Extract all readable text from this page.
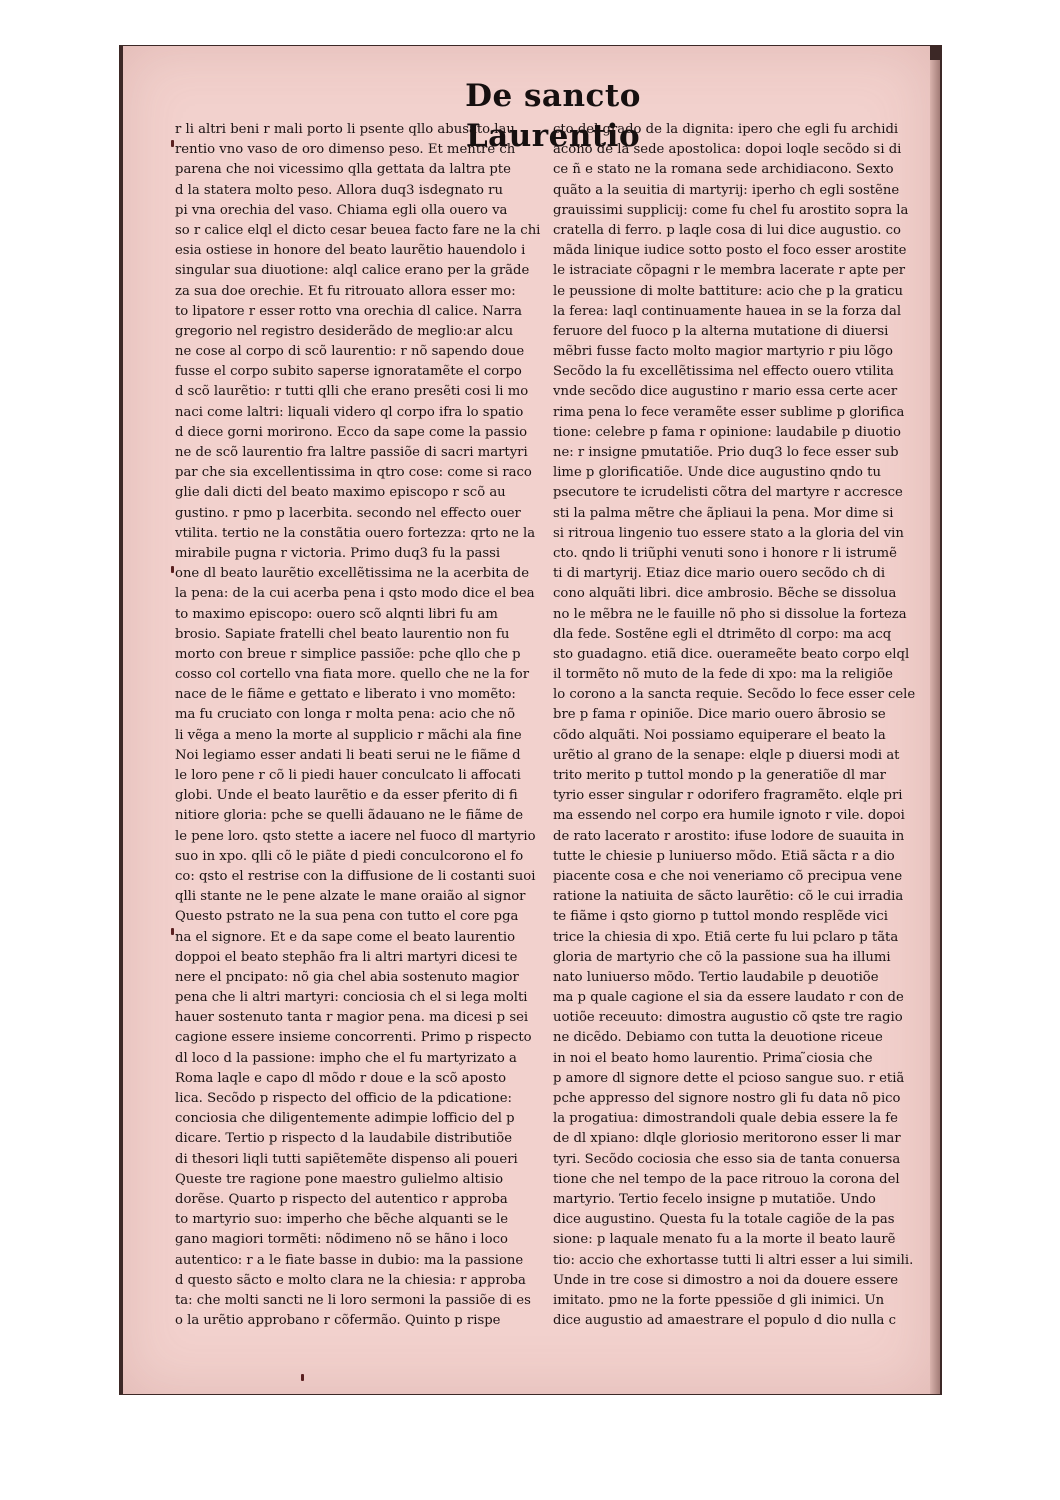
De sancto Laurentio
r li altri beni r mali porto li psente qllo abusato lau
rentio vno vaso de oro dimenso peso. Et mentre ch
parena che noi vicessimo qlla gettata da laltra pte
d la statera molto peso. Allora duq3 isdegnato ru
pi vna orechia del vaso. Chiama egli olla ouero va
so r calice elql el dicto cesar beuea facto fare ne la chi
esia ostiese in honore del beato laurẽtio hauendolo i
singular sua diuotione: alql calice erano per la grãde
za sua doe orechie. Et fu ritrouato allora esser mo:
to lipatore r esser rotto vna orechia dl calice. Narra
gregorio nel registro desiderãdo de meglio:ar alcu
ne cose al corpo di scõ laurentio: r nõ sapendo doue
fusse el corpo subito saperse ignoratamẽte el corpo
d scõ laurẽtio: r tutti qlli che erano presẽti cosi li mo
naci come laltri: liquali videro ql corpo ifra lo spatio
d diece gorni morirono. Ecco da sape come la passio
ne de scõ laurentio fra laltre passiõe di sacri martyri
par che sia excellentissima in qtro cose: come si raco
glie dali dicti del beato maximo episcopo r scõ au
gustino. r pmo p lacerbita. secondo nel effecto ouer
vtilita. tertio ne la constãtia ouero fortezza: qrto ne la
mirabile pugna r victoria. Primo duq3 fu la passi
one dl beato laurẽtio excellẽtissima ne la acerbita de
la pena: de la cui acerba pena i qsto modo dice el bea
to maximo episcopo: ouero scõ alqnti libri fu am
brosio. Sapiate fratelli chel beato laurentio non fu
morto con breue r simplice passiõe: pche qllo che p
cosso col cortello vna fiata more. quello che ne la for
nace de le fiãme e gettato e liberato i vno momẽto:
ma fu cruciato con longa r molta pena: acio che nõ
li vẽga a meno la morte al supplicio r mãchi ala fine
Noi legiamo esser andati li beati serui ne le fiãme d
le loro pene r cõ li piedi hauer conculcato li affocati
globi. Unde el beato laurẽtio e da esser pferito di fi
nitiore gloria: pche se quelli ãdauano ne le fiãme de
le pene loro. qsto stette a iacere nel fuoco dl martyrio
suo in xpo. qlli cõ le piãte d piedi conculcorono el fo
co: qsto el restrise con la diffusione de li costanti suoi
qlli stante ne le pene alzate le mane oraião al signor
Questo pstrato ne la sua pena con tutto el core pga
na el signore. Et e da sape come el beato laurentio
doppoi el beato stephão fra li altri martyri dicesi te
nere el pncipato: nõ gia chel abia sostenuto magior
pena che li altri martyri: conciosia ch el si lega molti
hauer sostenuto tanta r magior pena. ma dicesi p sei
cagione essere insieme concorrenti. Primo p rispecto
dl loco d la passione: impho che el fu martyrizato a
Roma laqle e capo dl mõdo r doue e la scõ aposto
lica. Secõdo p rispecto del officio de la pdicatione:
conciosia che diligentemente adimpie lofficio del p
dicare. Tertio p rispecto d la laudabile distributiõe
di thesori liqli tutti sapiẽtemẽte dispenso ali poueri
Queste tre ragione pone maestro gulielmo altisio
dorẽse. Quarto p rispecto del autentico r approba
to martyrio suo: imperho che bẽche alquanti se le
gano magiori tormẽti: nõdimeno nõ se hãno i loco
autentico: r a le fiate basse in dubio: ma la passione
d questo sãcto e molto clara ne la chiesia: r approba
ta: che molti sancti ne li loro sermoni la passiõe di es
o la urẽtio approbano r cõfermão. Quinto p rispe
cto del grado de la dignita: ipero che egli fu archidi
acono de la sede apostolica: dopoi loqle secõdo si di
ce ñ e stato ne la romana sede archidiacono. Sexto
quãto a la seuitia di martyrij: iperho ch egli sostẽne
grauissimi supplicij: come fu chel fu arostito sopra la
cratella di ferro. p laqle cosa di lui dice augustio. co
mãda linique iudice sotto posto el foco esser arostite
le istraciate cõpagni r le membra lacerate r apte per
le peussione di molte battiture: acio che p la graticu
la ferea: laql continuamente hauea in se la forza dal
feruore del fuoco p la alterna mutatione di diuersi
mẽbri fusse facto molto magior martyrio r piu lõgo
Secõdo la fu excellẽtissima nel effecto ouero vtilita
vnde secõdo dice augustino r mario essa certe acer
rima pena lo fece veramẽte esser sublime p glorifica
tione: celebre p fama r opinione: laudabile p diuotio
ne: r insigne pmutatiõe. Prio duq3 lo fece esser sub
lime p glorificatiõe. Unde dice augustino qndo tu
psecutore te icrudelisti cõtra del martyre r accresce
sti la palma mẽtre che ãpliaui la pena. Mor dime si
si ritroua lingenio tuo essere stato a la gloria del vin
cto. qndo li triũphi venuti sono i honore r li istrumẽ
ti di martyrij. Etiaz dice mario ouero secõdo ch di
cono alquãti libri. dice ambrosio. Bẽche se dissolua
no le mẽbra ne le fauille nõ pho si dissolue la forteza
dla fede. Sostẽne egli el dtrimẽto dl corpo: ma acq
sto guadagno. etiã dice. ouerameẽte beato corpo elql
il tormẽto nõ muto de la fede di xpo: ma la religiõe
lo corono a la sancta requie. Secõdo lo fece esser cele
bre p fama r opiniõe. Dice mario ouero ãbrosio se
cõdo alquãti. Noi possiamo equiperare el beato la
urẽtio al grano de la senape: elqle p diuersi modi at
trito merito p tuttol mondo p la generatiõe dl mar
tyrio esser singular r odorifero fragramẽto. elqle pri
ma essendo nel corpo era humile ignoto r vile. dopoi
de rato lacerato r arostito: ifuse lodore de suauita in
tutte le chiesie p luniuerso mõdo. Etiã sãcta r a dio
piacente cosa e che noi veneriamo cõ precipua vene
ratione la natiuita de sãcto laurẽtio: cõ le cui irradia
te fiãme i qsto giorno p tuttol mondo resplẽde vici
trice la chiesia di xpo. Etiã certe fu lui pclaro p tãta
gloria de martyrio che cõ la passione sua ha illumi
nato luniuerso mõdo. Tertio laudabile p deuotiõe
ma p quale cagione el sia da essere laudato r con de
uotiõe receuuto: dimostra augustio cõ qste tre ragio
ne dicẽdo. Debiamo con tutta la deuotione riceue
in noi el beato homo laurentio. Prima ̃ciosia che
p amore dl signore dette el pcioso sangue suo. r etiã
pche appresso del signore nostro gli fu data nõ pico
la progatiua: dimostrandoli quale debia essere la fe
de dl xpiano: dlqle gloriosio meritorono esser li mar
tyri. Secõdo cociosia che esso sia de tanta conuersa
tione che nel tempo de la pace ritrouo la corona del
martyrio. Tertio fecelo insigne p mutatiõe. Undo
dice augustino. Questa fu la totale cagiõe de la pas
sione: p laquale menato fu a la morte il beato laurẽ
tio: accio che exhortasse tutti li altri esser a lui simili.
Unde in tre cose si dimostro a noi da douere essere
imitato. pmo ne la forte ppessiõe d gli inimici. Un
dice augustio ad amaestrare el populo d dio nulla c
